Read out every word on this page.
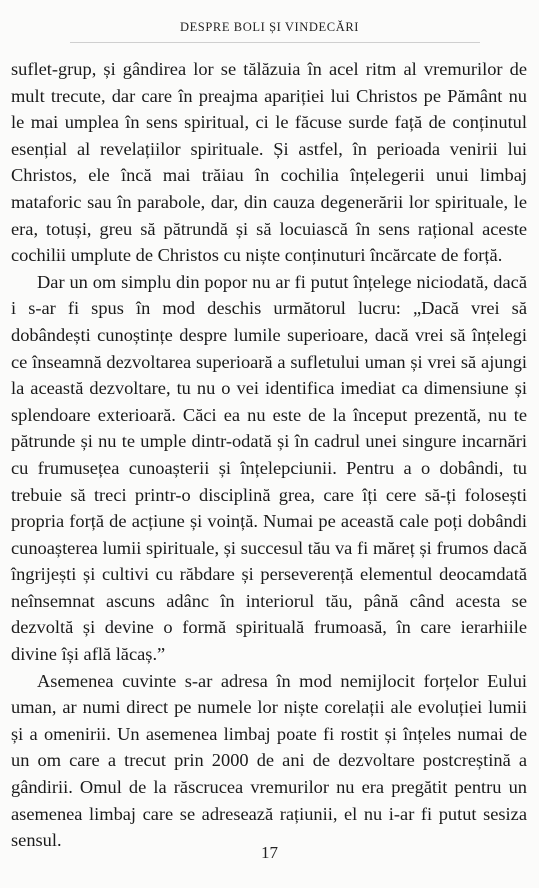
DESPRE BOLI ȘI VINDECĂRI

suflet-grup, și gândirea lor se tălăzuia în acel ritm al vremurilor de mult trecute, dar care în preajma apariției lui Christos pe Pământ nu le mai umplea în sens spiritual, ci le făcuse surde față de conținutul esențial al revelațiilor spirituale. Și astfel, în perioada venirii lui Christos, ele încă mai trăiau în cochilia înțelegerii unui limbaj mataforic sau în parabole, dar, din cauza degenerării lor spirituale, le era, totuși, greu să pătrundă și să locuiască în sens rațional aceste cochilii umplute de Christos cu niște conținuturi încărcate de forță.

Dar un om simplu din popor nu ar fi putut înțelege niciodată, dacă i s-ar fi spus în mod deschis următorul lucru: „Dacă vrei să dobândești cunoștințe despre lumile superioare, dacă vrei să înțelegi ce înseamnă dezvoltarea superioară a sufletului uman și vrei să ajungi la această dezvoltare, tu nu o vei identifica imediat ca dimensiune și splendoare exterioară. Căci ea nu este de la început prezentă, nu te pătrunde și nu te umple dintr-odată și în cadrul unei singure incarnări cu frumusețea cunoașterii și înțelepciunii. Pentru a o dobândi, tu trebuie să treci printr-o disciplină grea, care îți cere să-ți folosești propria forță de acțiune și voință. Numai pe această cale poți dobândi cunoașterea lumii spirituale, și succesul tău va fi măreț și frumos dacă îngrijești și cultivi cu răbdare și perseverență elementul deocamdată neînsemnat ascuns adânc în interiorul tău, până când acesta se dezvoltă și devine o formă spirituală frumoasă, în care ierarhiile divine își află lăcaș.”

Asemenea cuvinte s-ar adresa în mod nemijlocit forțelor Eului uman, ar numi direct pe numele lor niște corelații ale evoluției lumii și a omenirii. Un asemenea limbaj poate fi rostit și înțeles numai de un om care a trecut prin 2000 de ani de dezvoltare postcreștină a gândirii. Omul de la răscrucea vremurilor nu era pregătit pentru un asemenea limbaj care se adresează rațiunii, el nu i-ar fi putut sesiza sensul.

17
